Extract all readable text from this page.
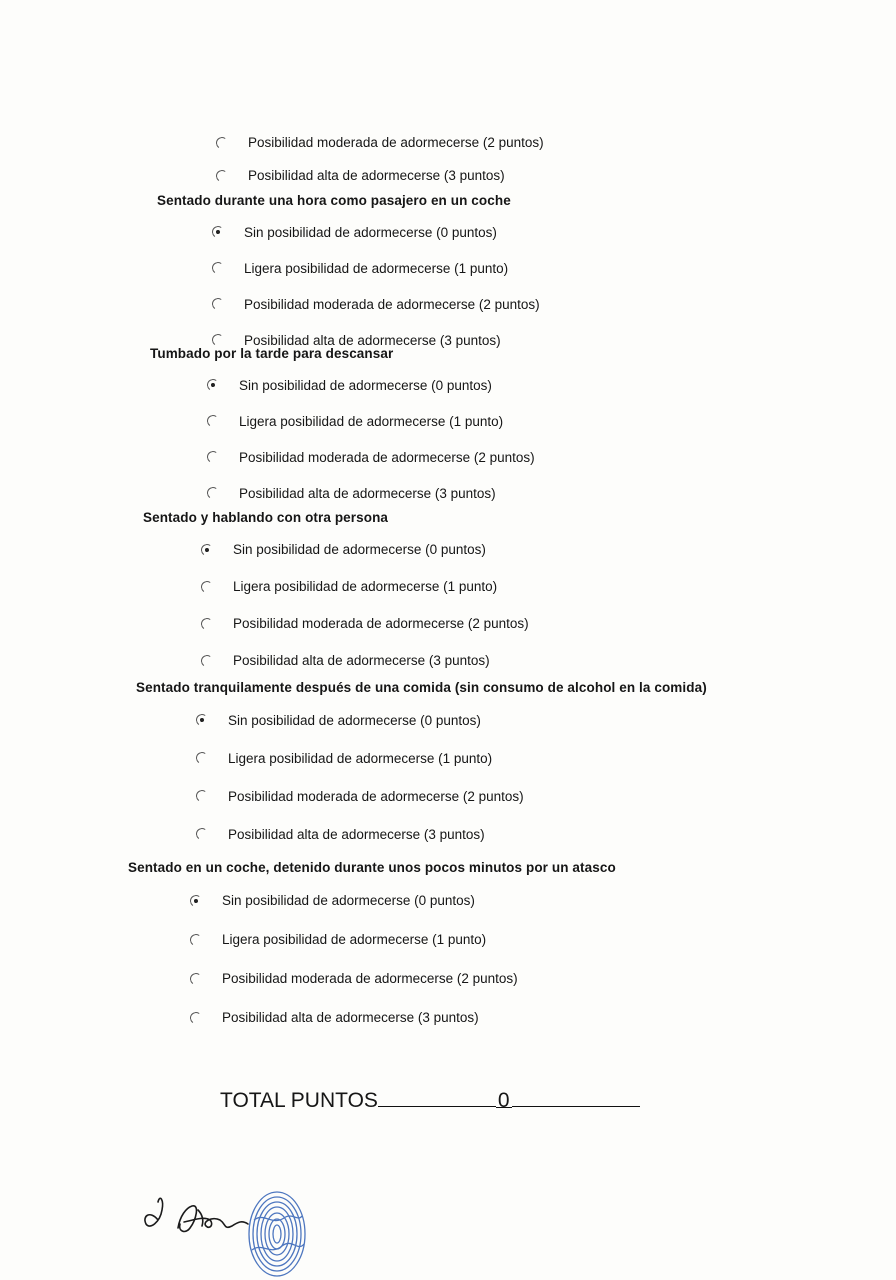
Posibilidad moderada de adormecerse (2 puntos)
Posibilidad alta de adormecerse (3 puntos)
Sentado durante una hora como pasajero en un coche
Sin posibilidad de adormecerse (0 puntos)
Ligera posibilidad de adormecerse (1 punto)
Posibilidad moderada de adormecerse (2 puntos)
Posibilidad alta de adormecerse (3 puntos)
Tumbado por la tarde para descansar
Sin posibilidad de adormecerse (0 puntos)
Ligera posibilidad de adormecerse (1 punto)
Posibilidad moderada de adormecerse (2 puntos)
Posibilidad alta de adormecerse (3 puntos)
Sentado y hablando con otra persona
Sin posibilidad de adormecerse (0 puntos)
Ligera posibilidad de adormecerse (1 punto)
Posibilidad moderada de adormecerse (2 puntos)
Posibilidad alta de adormecerse (3 puntos)
Sentado tranquilamente después de una comida (sin consumo de alcohol en la comida)
Sin posibilidad de adormecerse (0 puntos)
Ligera posibilidad de adormecerse (1 punto)
Posibilidad moderada de adormecerse (2 puntos)
Posibilidad alta de adormecerse (3 puntos)
Sentado en un coche, detenido durante unos pocos minutos por un atasco
Sin posibilidad de adormecerse (0 puntos)
Ligera posibilidad de adormecerse (1 punto)
Posibilidad moderada de adormecerse (2 puntos)
Posibilidad alta de adormecerse (3 puntos)
TOTAL PUNTOS	0
